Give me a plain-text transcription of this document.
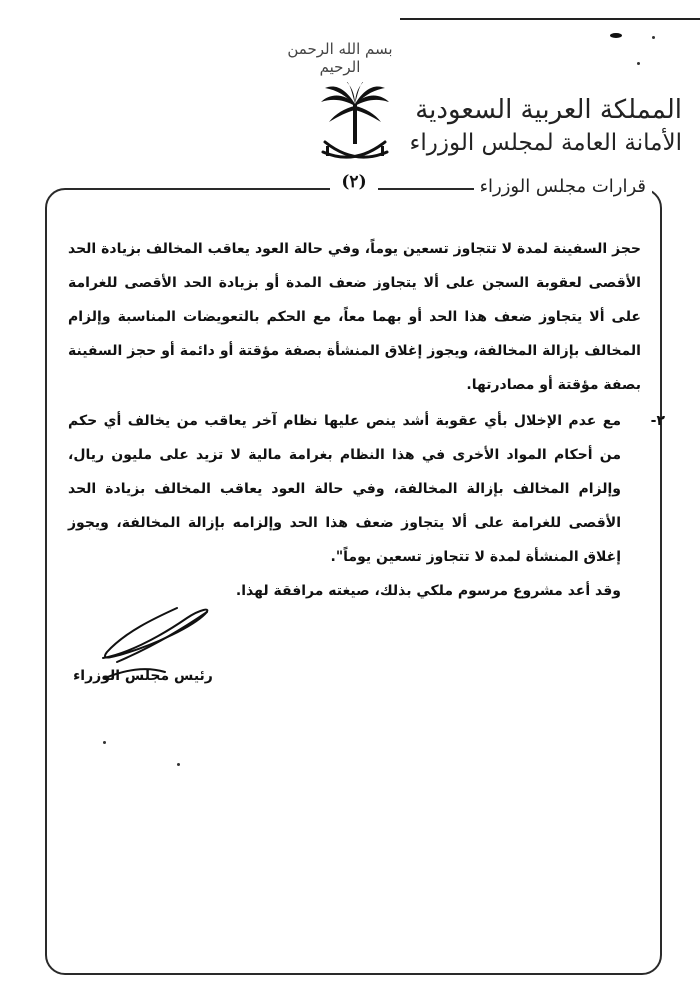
بسم الله الرحمن الرحيم
المملكة العربية السعودية
الأمانة العامة لمجلس الوزراء
(٢)	قرارات مجلس الوزراء

حجز السفينة لمدة لا تتجاوز تسعين يوماً، وفي حالة العود يعاقب المخالف بزيادة الحد الأقصى لعقوبة السجن على ألا يتجاوز ضعف المدة أو بزيادة الحد الأقصى للغرامة على ألا يتجاوز ضعف هذا الحد أو بهما معاً، مع الحكم بالتعويضات المناسبة وإلزام المخالف بإزالة المخالفة، ويجوز إغلاق المنشأة بصفة مؤقتة أو دائمة أو حجز السفينة بصفة مؤقتة أو مصادرتها.

٢-
مع عدم الإخلال بأي عقوبة أشد ينص عليها نظام آخر يعاقب من يخالف أي حكم من أحكام المواد الأخرى في هذا النظام بغرامة مالية لا تزيد على مليون ريال، وإلزام المخالف بإزالة المخالفة، وفي حالة العود يعاقب المخالف بزيادة الحد الأقصى للغرامة على ألا يتجاوز ضعف هذا الحد وإلزامه بإزالة المخالفة، ويجوز إغلاق المنشأة لمدة لا تتجاوز تسعين يوماً".

وقد أعد مشروع مرسوم ملكي بذلك، صيغته مرافقة لهذا.

رئيس مجلس الوزراء
